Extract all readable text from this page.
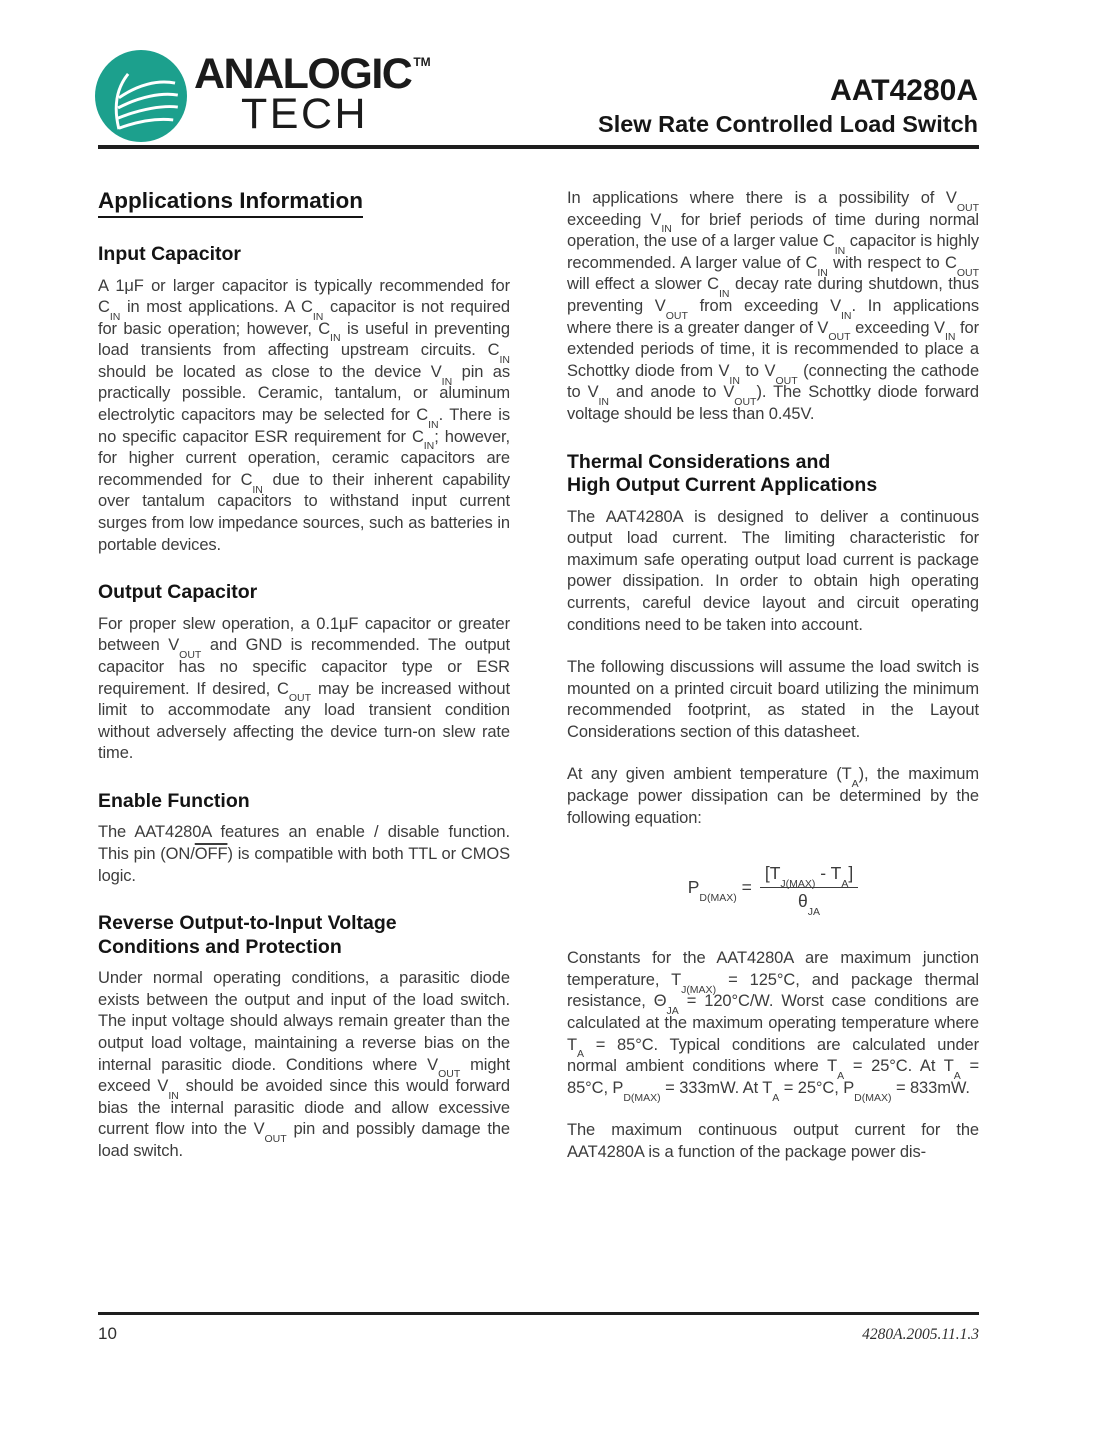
ANALOGIC ™
TECH	AAT4280A
Slew Rate Controlled Load Switch
Applications Information
Input Capacitor

A 1μF or larger capacitor is typically recommended for $C_{IN}$ in most applications. A $C_{IN}$ capacitor is not required for basic operation; however, $C_{IN}$ is useful in preventing load transients from affecting upstream circuits. $C_{IN}$ should be located as close to the device $V_{IN}$ pin as practically possible. Ceramic, tantalum, or aluminum electrolytic capacitors may be selected for $C_{IN}$. There is no specific capacitor ESR requirement for $C_{IN}$; however, for higher current operation, ceramic capacitors are recommended for $C_{IN}$ due to their inherent capability over tantalum capacitors to withstand input current surges from low impedance sources, such as batteries in portable devices.

Output Capacitor

For proper slew operation, a 0.1μF capacitor or greater between $V_{OUT}$ and GND is recommended. The output capacitor has no specific capacitor type or ESR requirement. If desired, $C_{OUT}$ may be increased without limit to accommodate any load transient condition without adversely affecting the device turn-on slew rate time.

Enable Function

The AAT4280A features an enable / disable function. This pin $(ON/\overline{OFF})$ is compatible with both TTL or CMOS logic.

Reverse Output-to-Input Voltage
Conditions and Protection

Under normal operating conditions, a parasitic diode exists between the output and input of the load switch. The input voltage should always remain greater than the output load voltage, maintaining a reverse bias on the internal parasitic diode. Conditions where $V_{OUT}$ might exceed $V_{IN}$ should be avoided since this would forward bias the internal parasitic diode and allow excessive current flow into the $V_{OUT}$ pin and possibly damage the load switch.

In applications where there is a possibility of $V_{OUT}$ exceeding $V_{IN}$ for brief periods of time during normal operation, the use of a larger value $C_{IN}$ capacitor is highly recommended. A larger value of $C_{IN}$ with respect to $C_{OUT}$ will effect a slower $C_{IN}$ decay rate during shutdown, thus preventing $V_{OUT}$ from exceeding $V_{IN}$. In applications where there is a greater danger of $V_{OUT}$ exceeding $V_{IN}$ for extended periods of time, it is recommended to place a Schottky diode from $V_{IN}$ to $V_{OUT}$ (connecting the cathode to $V_{IN}$ and anode to $V_{OUT}$). The Schottky diode forward voltage should be less than 0.45V.

Thermal Considerations and
High Output Current Applications

The AAT4280A is designed to deliver a continuous output load current. The limiting characteristic for maximum safe operating output load current is package power dissipation. In order to obtain high operating currents, careful device layout and circuit operating conditions need to be taken into account.

The following discussions will assume the load switch is mounted on a printed circuit board utilizing the minimum recommended footprint, as stated in the Layout Considerations section of this datasheet.

At any given ambient temperature $(T_A)$, the maximum package power dissipation can be determined by the following equation:

$P_{D(MAX)} = \frac{[T_{J(MAX)} - T_A]}{\theta_{JA}}$

Constants for the AAT4280A are maximum junction temperature, $T_{J(MAX)} = 125^\circ C$, and package thermal resistance, $\Theta_{JA} = 120^\circ C/W$. Worst case conditions are calculated at the maximum operating temperature where $T_A = 85^\circ C$. Typical conditions are calculated under normal ambient conditions where $T_A = 25^\circ C$. At $T_A = 85^\circ C$, $P_{D(MAX)} = 333mW$. At $T_A = 25^\circ C$, $P_{D(MAX)} = 833mW$.

The maximum continuous output current for the AAT4280A is a function of the package power dis-

10	4280A.2005.11.1.3
